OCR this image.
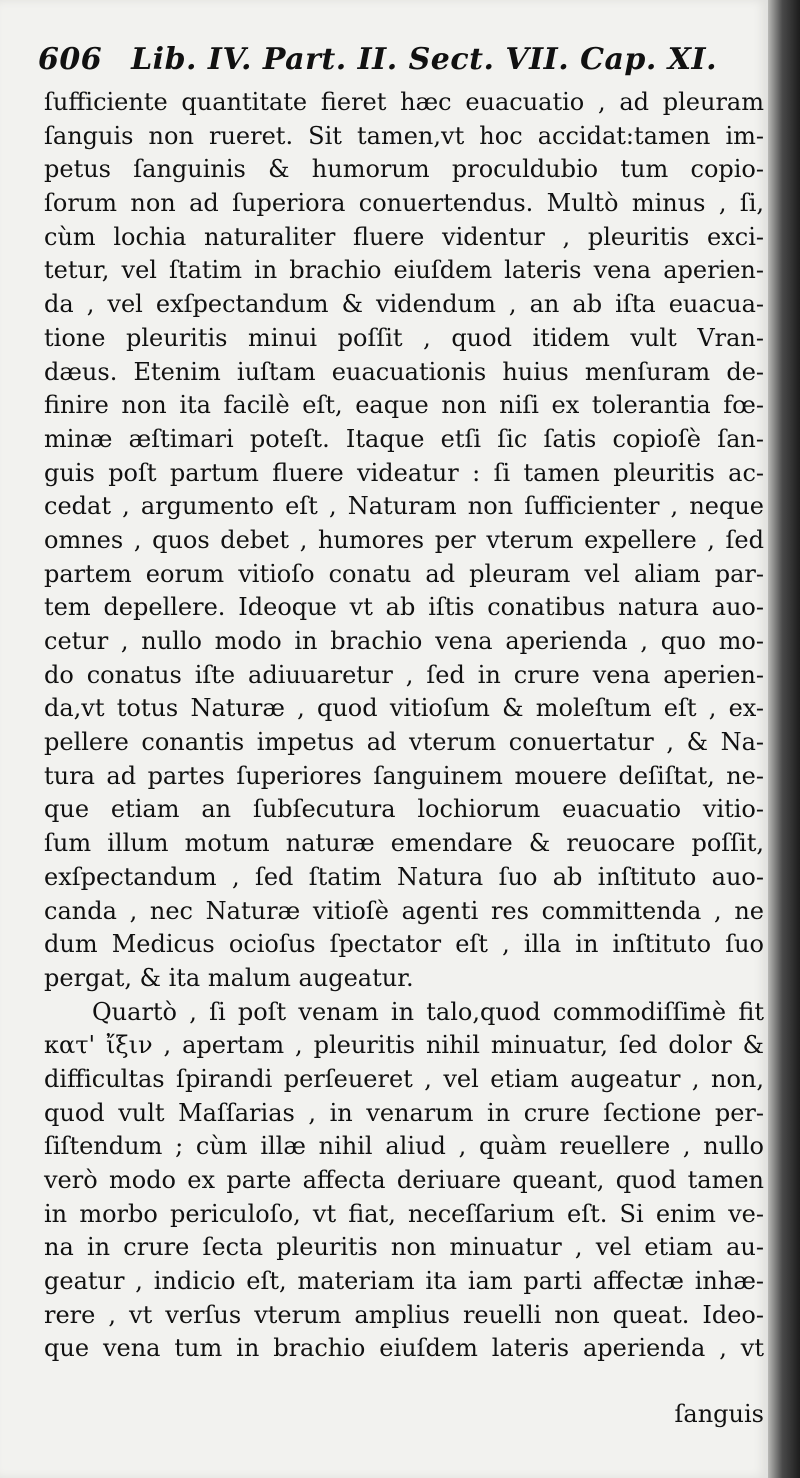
606 Lib. IV. Part. II. Sect. VII. Cap. XI.
ſufficiente quantitate fieret hæc euacuatio , ad pleuram
ſanguis non rueret. Sit tamen,vt hoc accidat:tamen im-
petus ſanguinis & humorum proculdubio tum copio-
ſorum non ad ſuperiora conuertendus. Multò minus , ſi,
cùm lochia naturaliter fluere videntur , pleuritis exci-
tetur, vel ſtatim in brachio eiuſdem lateris vena aperien-
da , vel exſpectandum & videndum , an ab iſta euacua-
tione pleuritis minui poſſit , quod itidem vult Vran-
dæus. Etenim iuſtam euacuationis huius menſuram de-
finire non ita facilè eſt, eaque non niſi ex tolerantia fœ-
minæ æſtimari poteſt. Itaque etſi ſic ſatis copioſè ſan-
guis poſt partum fluere videatur : ſi tamen pleuritis ac-
cedat , argumento eſt , Naturam non ſufficienter , neque
omnes , quos debet , humores per vterum expellere , ſed
partem eorum vitioſo conatu ad pleuram vel aliam par-
tem depellere. Ideoque vt ab iſtis conatibus natura auo-
cetur , nullo modo in brachio vena aperienda , quo mo-
do conatus iſte adiuuaretur , ſed in crure vena aperien-
da,vt totus Naturæ , quod vitioſum & moleſtum eſt , ex-
pellere conantis impetus ad vterum conuertatur , & Na-
tura ad partes ſuperiores ſanguinem mouere deſiſtat, ne-
que etiam an ſubſecutura lochiorum euacuatio vitio-
ſum illum motum naturæ emendare & reuocare poſſit,
exſpectandum , ſed ſtatim Natura ſuo ab inſtituto auo-
canda , nec Naturæ vitioſè agenti res committenda , ne
dum Medicus ocioſus ſpectator eſt , illa in inſtituto ſuo
pergat, & ita malum augeatur.
Quartò , ſi poſt venam in talo,quod commodiſſimè fit
κατ' ἴξιν , apertam , pleuritis nihil minuatur, ſed dolor &
difficultas ſpirandi perſeueret , vel etiam augeatur , non,
quod vult Maſſarias , in venarum in crure ſectione per-
ſiſtendum ; cùm illæ nihil aliud , quàm reuellere , nullo
verò modo ex parte affecta deriuare queant, quod tamen
in morbo periculoſo, vt fiat, neceſſarium eſt. Si enim ve-
na in crure ſecta pleuritis non minuatur , vel etiam au-
geatur , indicio eſt, materiam ita iam parti affectæ inhæ-
rere , vt verſus vterum amplius reuelli non queat. Ideo-
que vena tum in brachio eiuſdem lateris aperienda , vt
ſanguis
